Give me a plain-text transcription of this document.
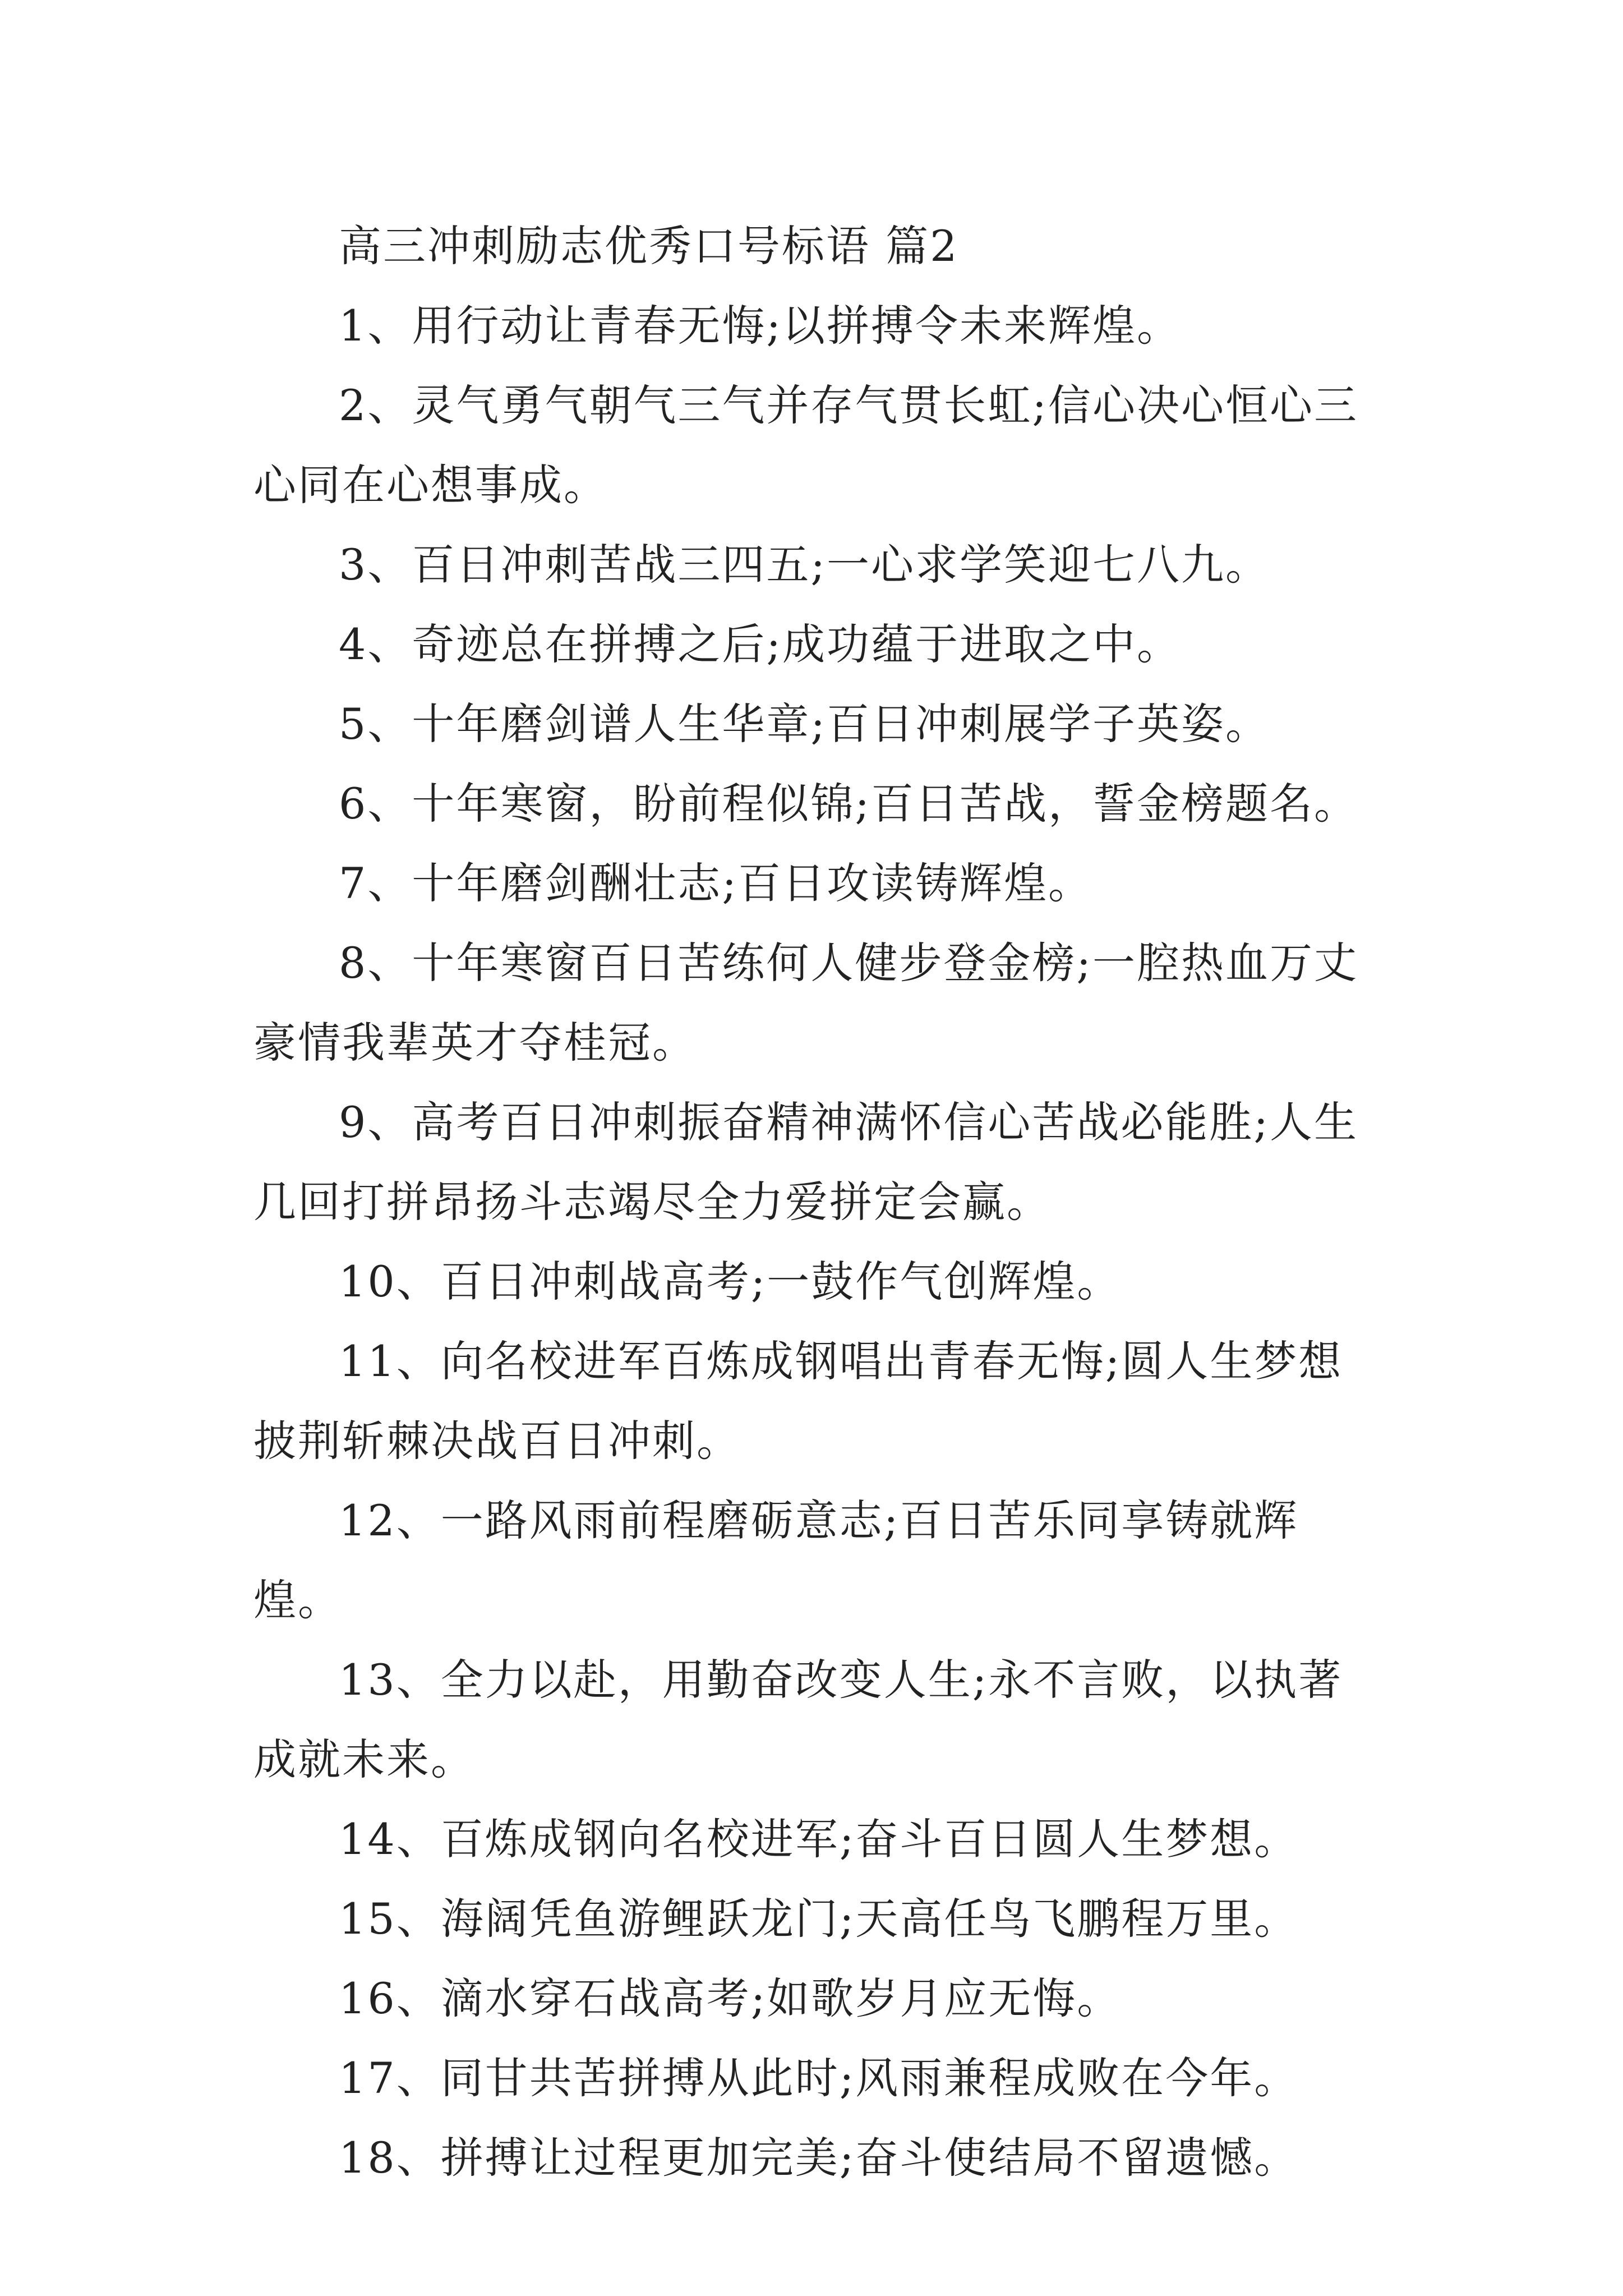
高三冲刺励志优秀口号标语 篇2

1、用行动让青春无悔;以拼搏令未来辉煌。

2、灵气勇气朝气三气并存气贯长虹;信心决心恒心三心同在心想事成。

3、百日冲刺苦战三四五;一心求学笑迎七八九。

4、奇迹总在拼搏之后;成功蕴于进取之中。

5、十年磨剑谱人生华章;百日冲刺展学子英姿。

6、十年寒窗，盼前程似锦;百日苦战，誓金榜题名。

7、十年磨剑酬壮志;百日攻读铸辉煌。

8、十年寒窗百日苦练何人健步登金榜;一腔热血万丈豪情我辈英才夺桂冠。

9、高考百日冲刺振奋精神满怀信心苦战必能胜;人生几回打拼昂扬斗志竭尽全力爱拼定会赢。

10、百日冲刺战高考;一鼓作气创辉煌。

11、向名校进军百炼成钢唱出青春无悔;圆人生梦想披荆斩棘决战百日冲刺。

12、一路风雨前程磨砺意志;百日苦乐同享铸就辉煌。

13、全力以赴，用勤奋改变人生;永不言败，以执著成就未来。

14、百炼成钢向名校进军;奋斗百日圆人生梦想。

15、海阔凭鱼游鲤跃龙门;天高任鸟飞鹏程万里。

16、滴水穿石战高考;如歌岁月应无悔。

17、同甘共苦拼搏从此时;风雨兼程成败在今年。

18、拼搏让过程更加完美;奋斗使结局不留遗憾。
